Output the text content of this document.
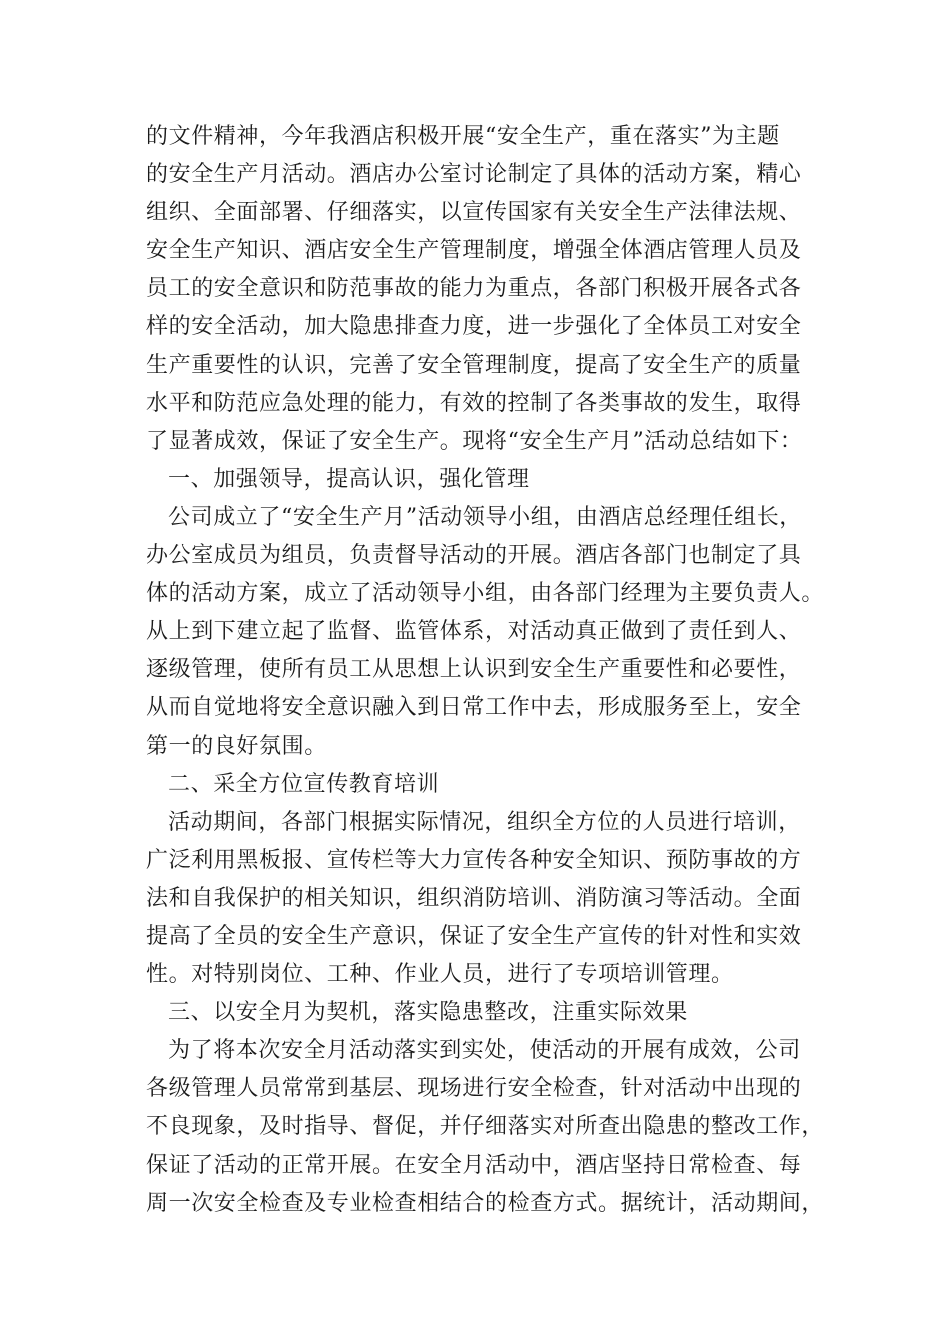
的文件精神，今年我酒店积极开展“安全生产，重在落实”为主题
的安全生产月活动。酒店办公室讨论制定了具体的活动方案，精心
组织、全面部署、仔细落实，以宣传国家有关安全生产法律法规、
安全生产知识、酒店安全生产管理制度，增强全体酒店管理人员及
员工的安全意识和防范事故的能力为重点，各部门积极开展各式各
样的安全活动，加大隐患排查力度，进一步强化了全体员工对安全
生产重要性的认识，完善了安全管理制度，提高了安全生产的质量
水平和防范应急处理的能力，有效的控制了各类事故的发生，取得
了显著成效，保证了安全生产。现将“安全生产月”活动总结如下：
一、加强领导，提高认识，强化管理
公司成立了“安全生产月”活动领导小组，由酒店总经理任组长，
办公室成员为组员，负责督导活动的开展。酒店各部门也制定了具
体的活动方案，成立了活动领导小组，由各部门经理为主要负责人。
从上到下建立起了监督、监管体系，对活动真正做到了责任到人、
逐级管理，使所有员工从思想上认识到安全生产重要性和必要性，
从而自觉地将安全意识融入到日常工作中去，形成服务至上，安全
第一的良好氛围。
二、采全方位宣传教育培训
活动期间，各部门根据实际情况，组织全方位的人员进行培训，
广泛利用黑板报、宣传栏等大力宣传各种安全知识、预防事故的方
法和自我保护的相关知识，组织消防培训、消防演习等活动。全面
提高了全员的安全生产意识，保证了安全生产宣传的针对性和实效
性。对特别岗位、工种、作业人员，进行了专项培训管理。
三、以安全月为契机，落实隐患整改，注重实际效果
为了将本次安全月活动落实到实处，使活动的开展有成效，公司
各级管理人员常常到基层、现场进行安全检查，针对活动中出现的
不良现象，及时指导、督促，并仔细落实对所查出隐患的整改工作，
保证了活动的正常开展。在安全月活动中，酒店坚持日常检查、每
周一次安全检查及专业检查相结合的检查方式。据统计，活动期间，
